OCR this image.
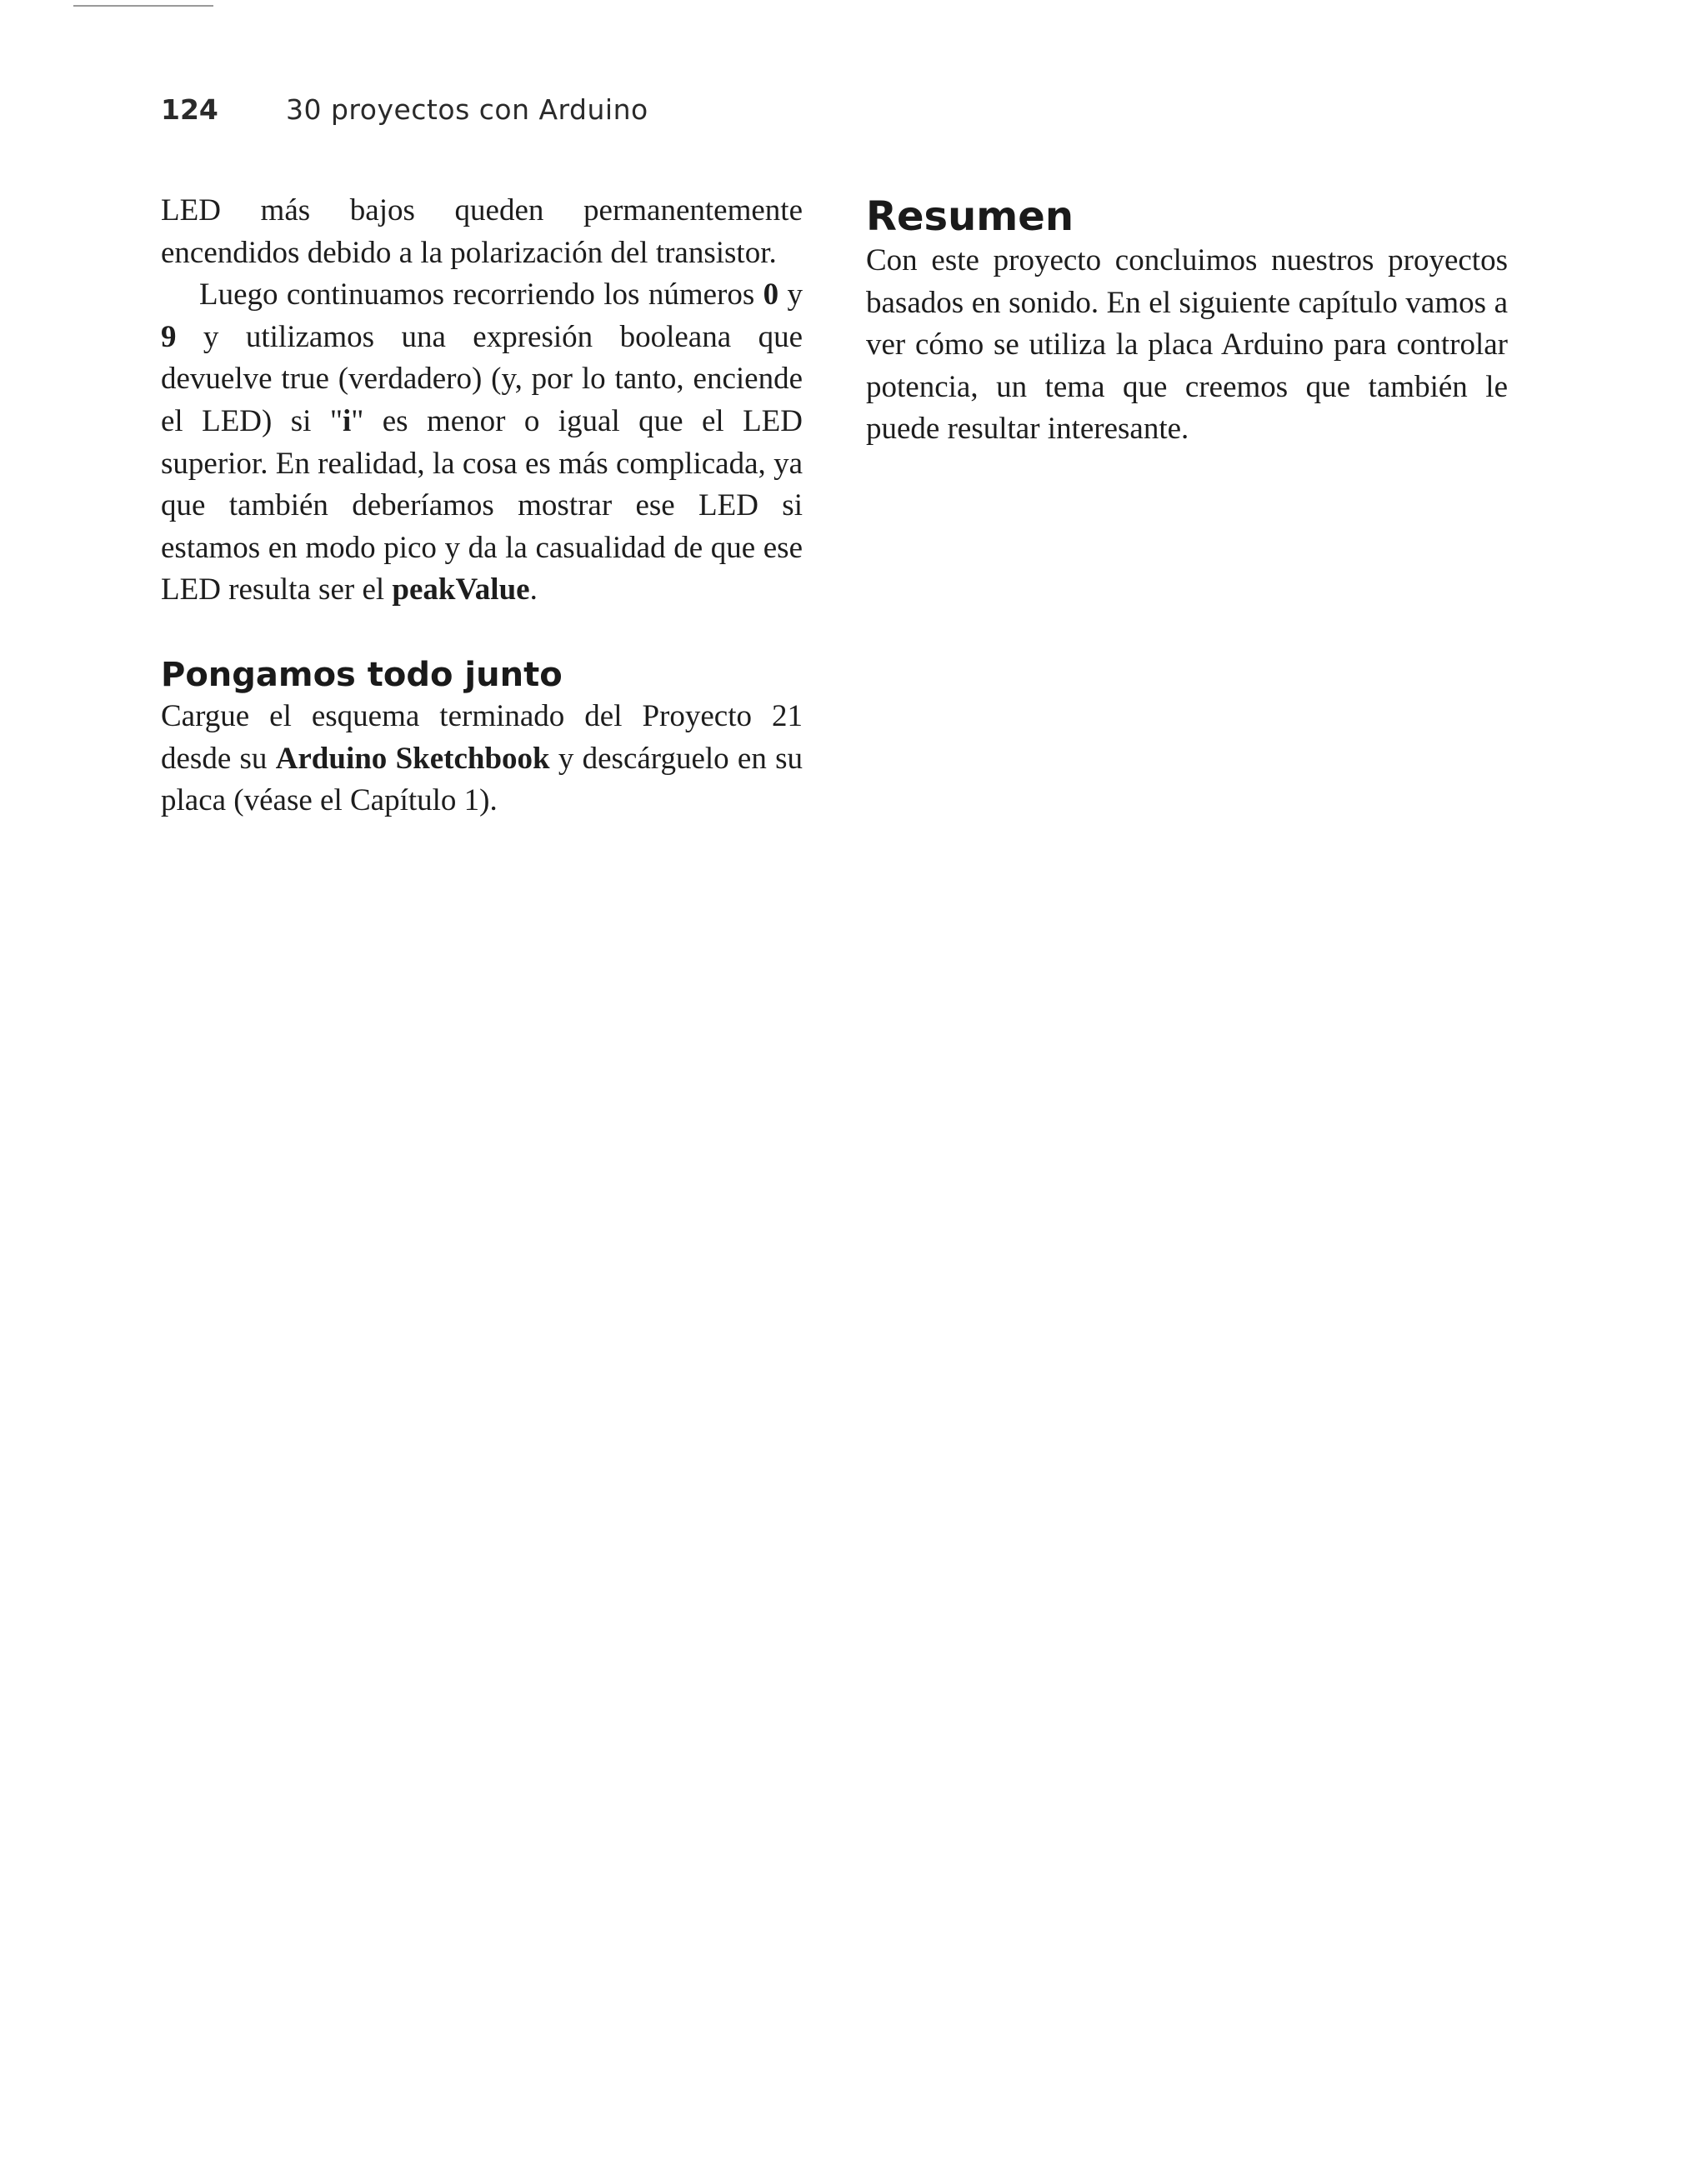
124	30 proyectos con Arduino

LED más bajos queden permanentemente encendidos debido a la polarización del transistor.

Luego continuamos recorriendo los números 0 y 9 y utilizamos una expresión booleana que devuelve true (verdadero) (y, por lo tanto, enciende el LED) si "i" es menor o igual que el LED superior. En realidad, la cosa es más complicada, ya que también deberíamos mostrar ese LED si estamos en modo pico y da la casualidad de que ese LED resulta ser el peakValue.

Pongamos todo junto

Cargue el esquema terminado del Proyecto 21 desde su Arduino Sketchbook y descárguelo en su placa (véase el Capítulo 1).

Resumen

Con este proyecto concluimos nuestros proyectos basados en sonido. En el siguiente capítulo vamos a ver cómo se utiliza la placa Arduino para controlar potencia, un tema que creemos que también le puede resultar interesante.
